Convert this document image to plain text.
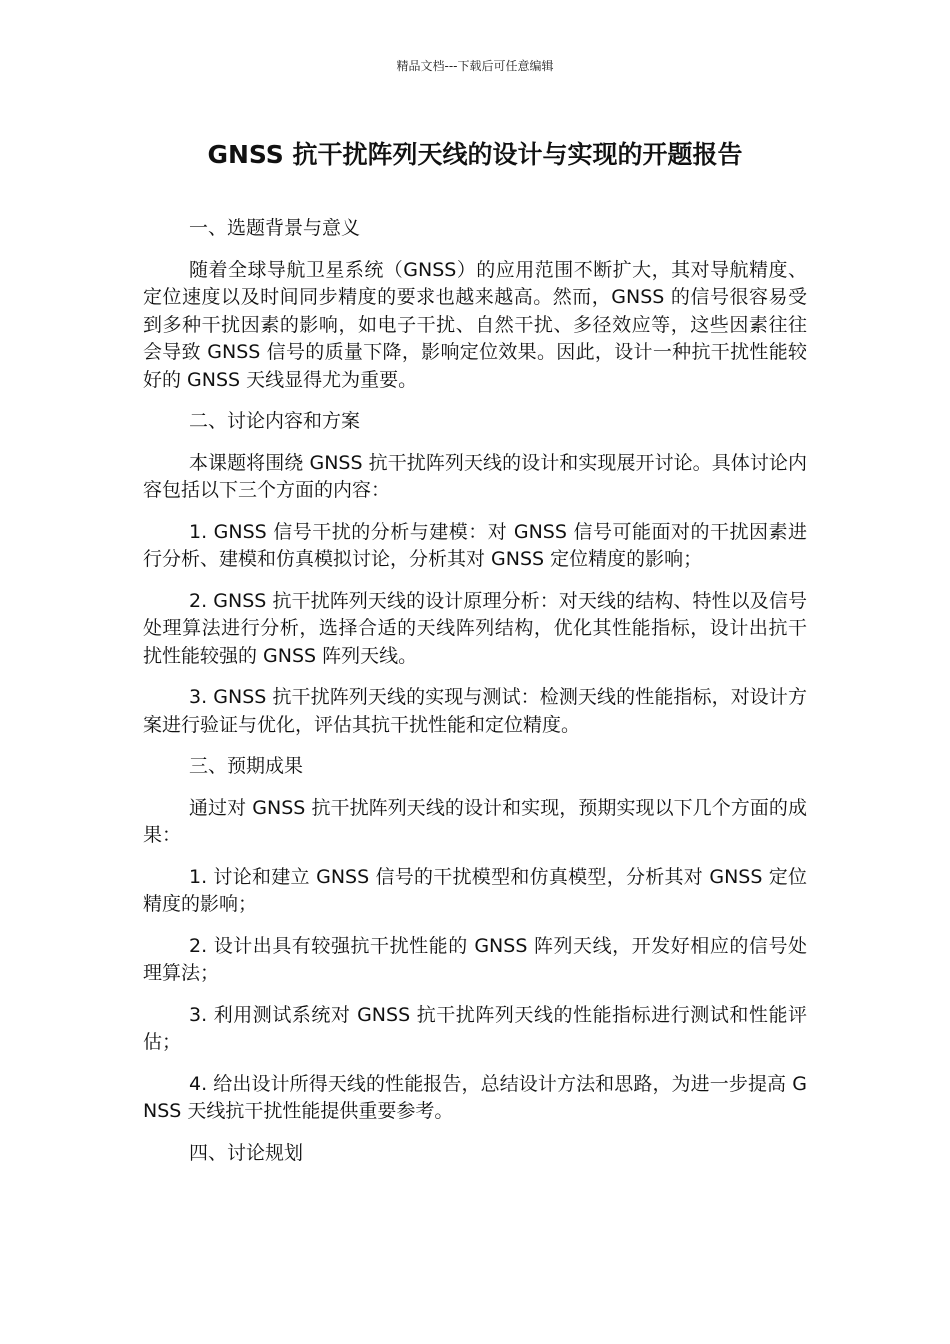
精品文档---下载后可任意编辑
GNSS 抗干扰阵列天线的设计与实现的开题报告

一、选题背景与意义

随着全球导航卫星系统（GNSS）的应用范围不断扩大，其对导航精度、定位速度以及时间同步精度的要求也越来越高。然而，GNSS 的信号很容易受到多种干扰因素的影响，如电子干扰、自然干扰、多径效应等，这些因素往往会导致 GNSS 信号的质量下降，影响定位效果。因此，设计一种抗干扰性能较好的 GNSS 天线显得尤为重要。

二、讨论内容和方案

本课题将围绕 GNSS 抗干扰阵列天线的设计和实现展开讨论。具体讨论内容包括以下三个方面的内容：

1. GNSS 信号干扰的分析与建模：对 GNSS 信号可能面对的干扰因素进行分析、建模和仿真模拟讨论，分析其对 GNSS 定位精度的影响；

2. GNSS 抗干扰阵列天线的设计原理分析：对天线的结构、特性以及信号处理算法进行分析，选择合适的天线阵列结构，优化其性能指标，设计出抗干扰性能较强的 GNSS 阵列天线。

3. GNSS 抗干扰阵列天线的实现与测试：检测天线的性能指标，对设计方案进行验证与优化，评估其抗干扰性能和定位精度。

三、预期成果

通过对 GNSS 抗干扰阵列天线的设计和实现，预期实现以下几个方面的成果：

1. 讨论和建立 GNSS 信号的干扰模型和仿真模型，分析其对 GNSS 定位精度的影响；

2. 设计出具有较强抗干扰性能的 GNSS 阵列天线，开发好相应的信号处理算法；

3. 利用测试系统对 GNSS 抗干扰阵列天线的性能指标进行测试和性能评估；

4. 给出设计所得天线的性能报告，总结设计方法和思路，为进一步提高 GNSS 天线抗干扰性能提供重要参考。

四、讨论规划
